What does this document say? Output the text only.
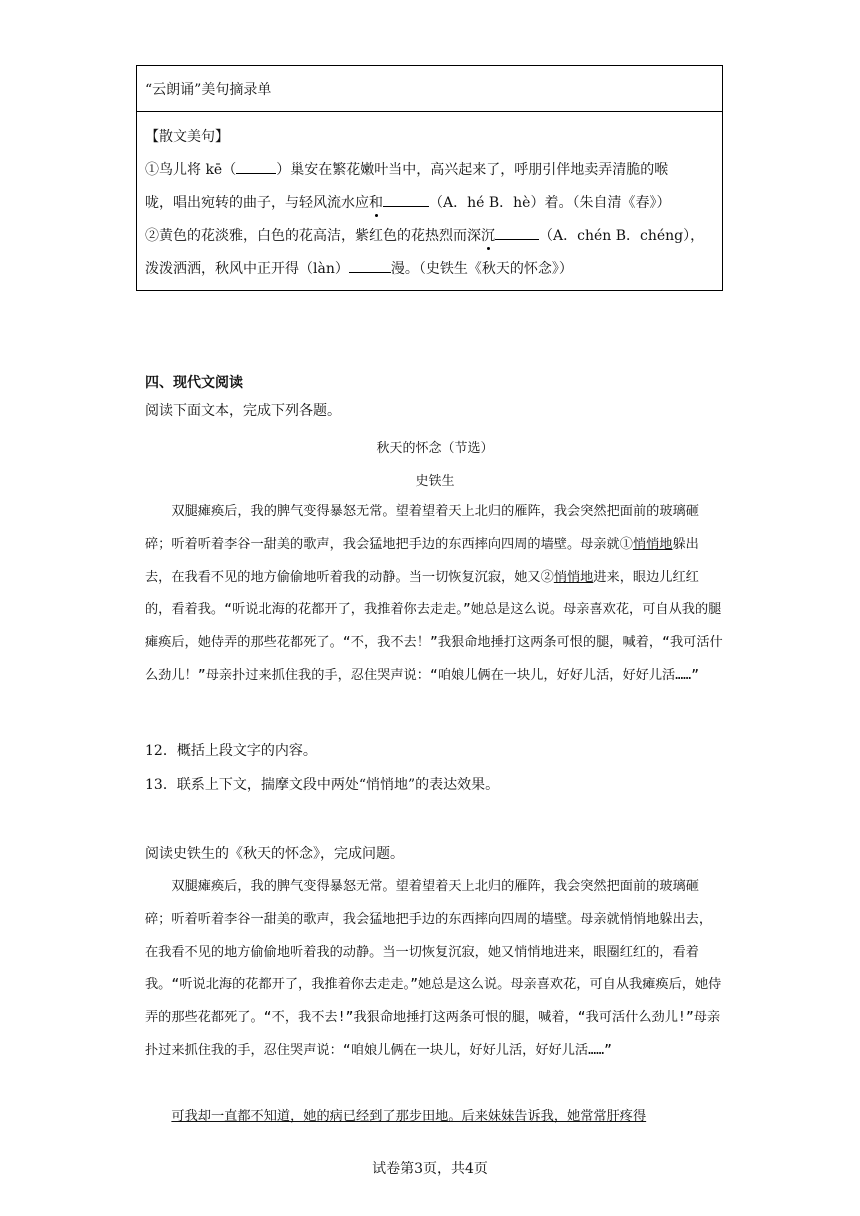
“云朗诵”美句摘录单
【散文美句】
①鸟儿将 kē（	）巢安在繁花嫩叶当中，高兴起来了，呼朋引伴地卖弄清脆的喉
咙，唱出宛转的曲子，与轻风流水应和	（A．hé B．hè）着。（朱自清《春》）
②黄色的花淡雅，白色的花高洁，紫红色的花热烈而深沉	（A．chén B．chéng），
泼泼洒洒，秋风中正开得（làn）	漫。（史铁生《秋天的怀念》）
四、现代文阅读
阅读下面文本，完成下列各题。
秋天的怀念（节选）
史铁生
双腿瘫痪后，我的脾气变得暴怒无常。望着望着天上北归的雁阵，我会突然把面前的玻璃砸碎；听着听着李谷一甜美的歌声，我会猛地把手边的东西摔向四周的墙壁。母亲就①悄悄地躲出去，在我看不见的地方偷偷地听着我的动静。当一切恢复沉寂，她又②悄悄地进来，眼边儿红红的，看着我。“听说北海的花都开了，我推着你去走走。”她总是这么说。母亲喜欢花，可自从我的腿瘫痪后，她侍弄的那些花都死了。“不，我不去！”我狠命地捶打这两条可恨的腿，喊着，“我可活什么劲儿！”母亲扑过来抓住我的手，忍住哭声说：“咱娘儿俩在一块儿，好好儿活，好好儿活……”
12．概括上段文字的内容。
13．联系上下文，揣摩文段中两处“悄悄地”的表达效果。
阅读史铁生的《秋天的怀念》，完成问题。
双腿瘫痪后，我的脾气变得暴怒无常。望着望着天上北归的雁阵，我会突然把面前的玻璃砸碎；听着听着李谷一甜美的歌声，我会猛地把手边的东西摔向四周的墙壁。母亲就悄悄地躲出去，在我看不见的地方偷偷地听着我的动静。当一切恢复沉寂，她又悄悄地进来，眼圈红红的，看着我。“听说北海的花都开了，我推着你去走走。”她总是这么说。母亲喜欢花，可自从我瘫痪后，她侍弄的那些花都死了。“不，我不去!”我狠命地捶打这两条可恨的腿，喊着，“我可活什么劲儿!”母亲扑过来抓住我的手，忍住哭声说：“咱娘儿俩在一块儿，好好儿活，好好儿活……”
可我却一直都不知道，她的病已经到了那步田地。后来妹妹告诉我，她常常肝疼得
试卷第3页，共4页
